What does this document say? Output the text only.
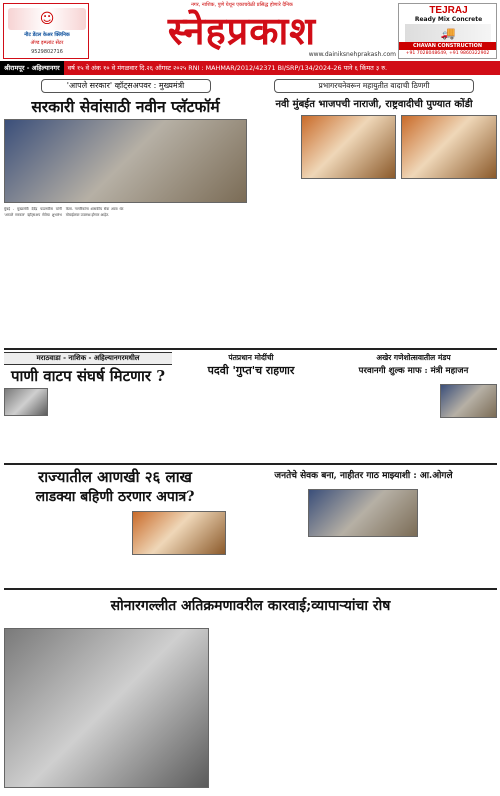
☺
नीट डेंटल केअर क्लिनिक
ॲण्ड इम्प्लांट सेंटर
9529802716
नगर, नाशिक, पुणे येथून एकाचवेळी प्रसिद्ध होणारे दैनिक
स्नेहप्रकाश
www.dainiksnehprakash.com
TEJRAJ
Ready Mix Concrete
🚚
CHAVAN CONSTRUCTION
+91 7028048649, +91 9860322902
श्रीरामपूर - अहिल्यानगर वर्ष १५ वे अंक १० वे मंगळवार दि.२६ ऑगस्ट २०२५ RNI : MAHMAR/2012/42371 BI/SRP/134/2024-26 पाने ६ किंमत ३ रु.
'आपले सरकार' व्हॉट्सअपवर : मुख्यमंत्री
सरकारी सेवांसाठी नवीन प्लॅटफॉर्म
मुंबई - मुख्यमंत्री देवेंद्र फडणवीस यांनी 'आपले सरकार' व्हॉट्सअप सेवेचा शुभारंभ केला. नागरिकांना शासकीय सेवा आता थेट मोबाईलवर उपलब्ध होणार आहेत.
प्रभागरचनेवरून महायुतीत वादाची ठिणगी
नवी मुंबईत भाजपची नाराजी, राष्ट्रवादीची पुण्यात कोंडी
मराठवाडा - नाशिक - अहिल्यानगरमधील
पाणी वाटप संघर्ष मिटणार ?
पंतप्रधान मोदींची
पदवी 'गुप्त'च राहणार
अखेर गणेशोत्सवातील मंडप
परवानगी शुल्क माफ : मंत्री महाजन
राज्यातील आणखी २६ लाख
लाडक्या बहिणी ठरणार अपात्र?
जनतेचे सेवक बना, नाहीतर गाठ माझ्याशी : आ.ओगले
सोनारगल्लीत अतिक्रमणावरील कारवाई;व्यापाऱ्यांचा रोष
